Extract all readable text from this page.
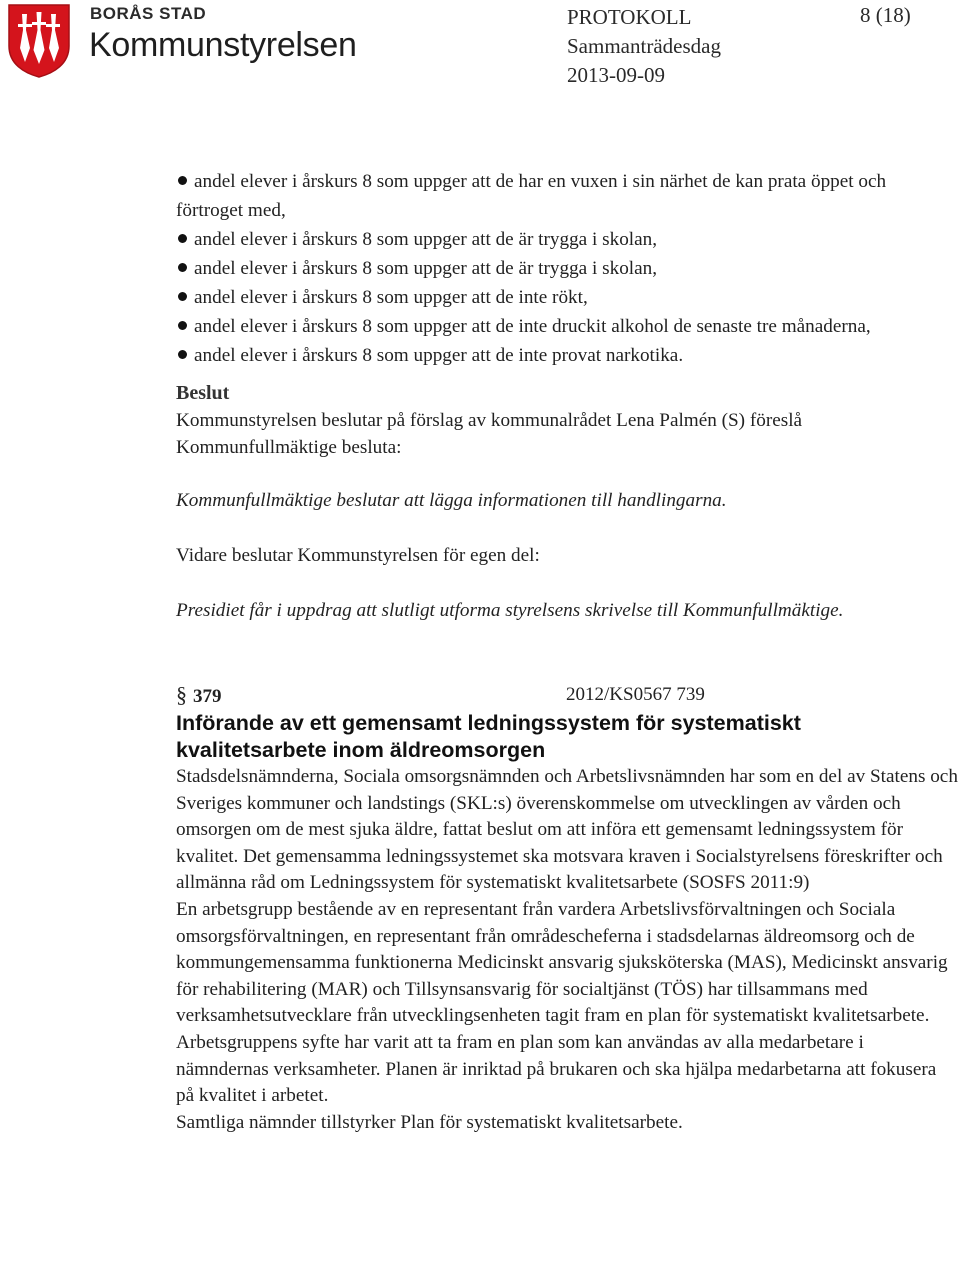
BORÅS STAD
Kommunstyrelsen
PROTOKOLL
Sammanträdesdag
2013-09-09
8 (18)
andel elever i årskurs 8 som uppger att de har en vuxen i sin närhet de kan prata öppet och förtroget med,
andel elever i årskurs 8 som uppger att de är trygga i skolan,
andel elever i årskurs 8 som uppger att de är trygga i skolan,
andel elever i årskurs 8 som uppger att de inte rökt,
andel elever i årskurs 8 som uppger att de inte druckit alkohol de senaste tre månaderna,
andel elever i årskurs 8 som uppger att de inte provat narkotika.
Beslut

Kommunstyrelsen beslutar på förslag av kommunalrådet Lena Palmén (S) föreslå Kommunfullmäktige besluta:

Kommunfullmäktige beslutar att lägga informationen till handlingarna.

Vidare beslutar Kommunstyrelsen för egen del:

Presidiet får i uppdrag att slutligt utforma styrelsens skrivelse till Kommunfullmäktige.

§ 379	2012/KS0567 739
Införande av ett gemensamt ledningssystem för systematiskt
kvalitetsarbete inom äldreomsorgen

Stadsdelsnämnderna, Sociala omsorgsnämnden och Arbetslivsnämnden har som en del av Statens och Sveriges kommuner och landstings (SKL:s) överenskommelse om utvecklingen av vården och omsorgen om de mest sjuka äldre, fattat beslut om att införa ett gemensamt ledningssystem för kvalitet. Det gemensamma ledningssystemet ska motsvara kraven i Socialstyrelsens föreskrifter och allmänna råd om Ledningssystem för systematiskt kvalitetsarbete (SOSFS 2011:9)

En arbetsgrupp bestående av en representant från vardera Arbetslivsförvaltningen och Sociala omsorgsförvaltningen, en representant från områdescheferna i stadsdelarnas äldreomsorg och de kommungemensamma funktionerna Medicinskt ansvarig sjuksköterska (MAS), Medicinskt ansvarig för rehabilitering (MAR) och Tillsynsansvarig för socialtjänst (TÖS) har tillsammans med verksamhetsutvecklare från utvecklingsenheten tagit fram en plan för systematiskt kvalitetsarbete. Arbetsgruppens syfte har varit att ta fram en plan som kan användas av alla medarbetare i nämndernas verksamheter. Planen är inriktad på brukaren och ska hjälpa medarbetarna att fokusera på kvalitet i arbetet.

Samtliga nämnder tillstyrker Plan för systematiskt kvalitetsarbete.
